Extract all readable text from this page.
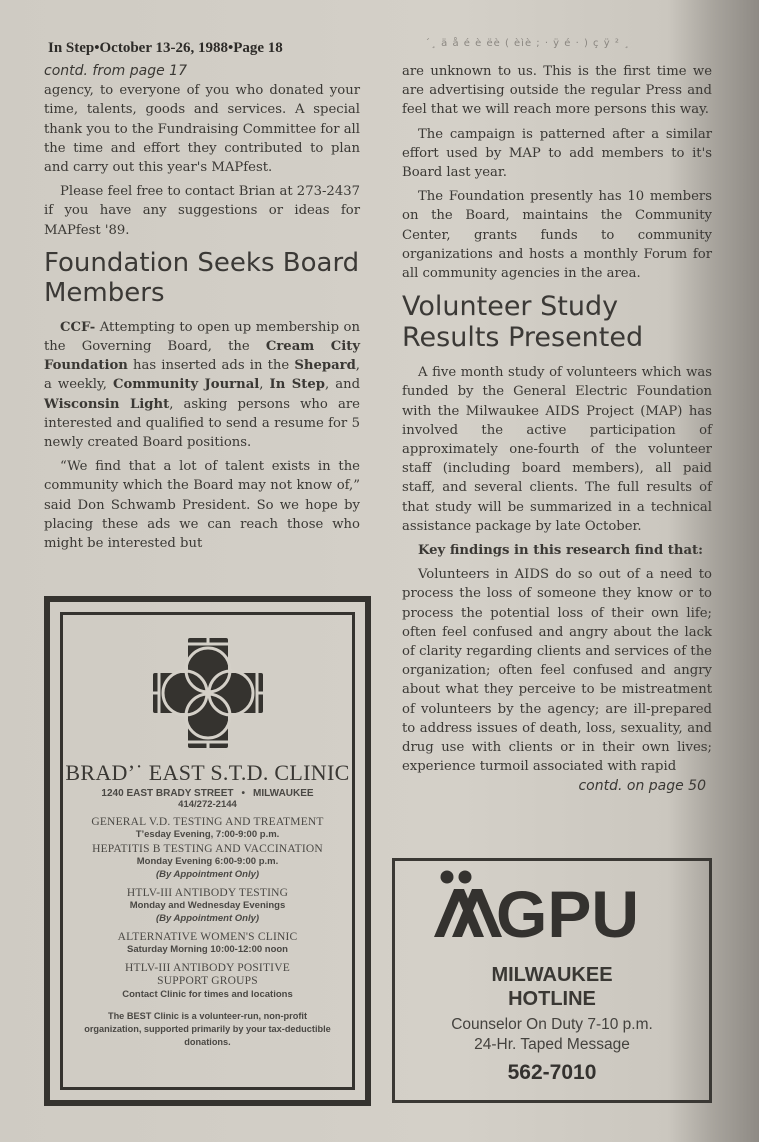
In Step•October 13-26, 1988•Page 18	´¸ ä å é è ëè ( èìè ; · ÿ é · ) ç ÿ ² ¸
contd. from page 17

agency, to everyone of you who donated your time, talents, goods and services. A special thank you to the Fundraising Committee for all the time and effort they contributed to plan and carry out this year's MAPfest.

Please feel free to contact Brian at 273-2437 if you have any suggestions or ideas for MAPfest '89.

Foundation Seeks Board Members

CCF- Attempting to open up membership on the Governing Board, the Cream City Foundation has inserted ads in the Shepard, a weekly, Community Journal, In Step, and Wisconsin Light, asking persons who are interested and qualified to send a resume for 5 newly created Board positions.

“We find that a lot of talent exists in the community which the Board may not know of,” said Don Schwamb President. So we hope by placing these ads we can reach those who might be interested but

are unknown to us. This is the first time we are advertising outside the regular Press and feel that we will reach more persons this way.

The campaign is patterned after a similar effort used by MAP to add members to it's Board last year.

The Foundation presently has 10 members on the Board, maintains the Community Center, grants funds to community organizations and hosts a monthly Forum for all community agencies in the area.

Volunteer Study Results Presented

A five month study of volunteers which was funded by the General Electric Foundation with the Milwaukee AIDS Project (MAP) has involved the active participation of approximately one-fourth of the volunteer staff (including board members), all paid staff, and several clients. The full results of that study will be summarized in a technical assistance package by late October.

Key findings in this research find that:

Volunteers in AIDS do so out of a need to process the loss of someone they know or to process the potential loss of their own life; often feel confused and angry about the lack of clarity regarding clients and services of the organization; often feel confused and angry about what they perceive to be mistreatment of volunteers by the agency; are ill-prepared to address issues of death, loss, sexuality, and drug use with clients or in their own lives; experience turmoil associated with rapid

contd. on page 50
BRAD’˙ EAST S.T.D. CLINIC
1240 EAST BRADY STREET • MILWAUKEE
414/272-2144
GENERAL V.D. TESTING AND TREATMENT
T’esday Evening, 7:00-9:00 p.m.
HEPATITIS B TESTING AND VACCINATION
Monday Evening 6:00-9:00 p.m.
(By Appointment Only)
HTLV-III ANTIBODY TESTING
Monday and Wednesday Evenings
(By Appointment Only)
ALTERNATIVE WOMEN'S CLINIC
Saturday Morning 10:00-12:00 noon
HTLV-III ANTIBODY POSITIVE SUPPORT GROUPS
Contact Clinic for times and locations
The BEST Clinic is a volunteer-run, non-profit organization, supported primarily by your tax-deductible donations.
GPU
MILWAUKEE
HOTLINE
Counselor On Duty 7-10 p.m.
24-Hr. Taped Message
562-7010
